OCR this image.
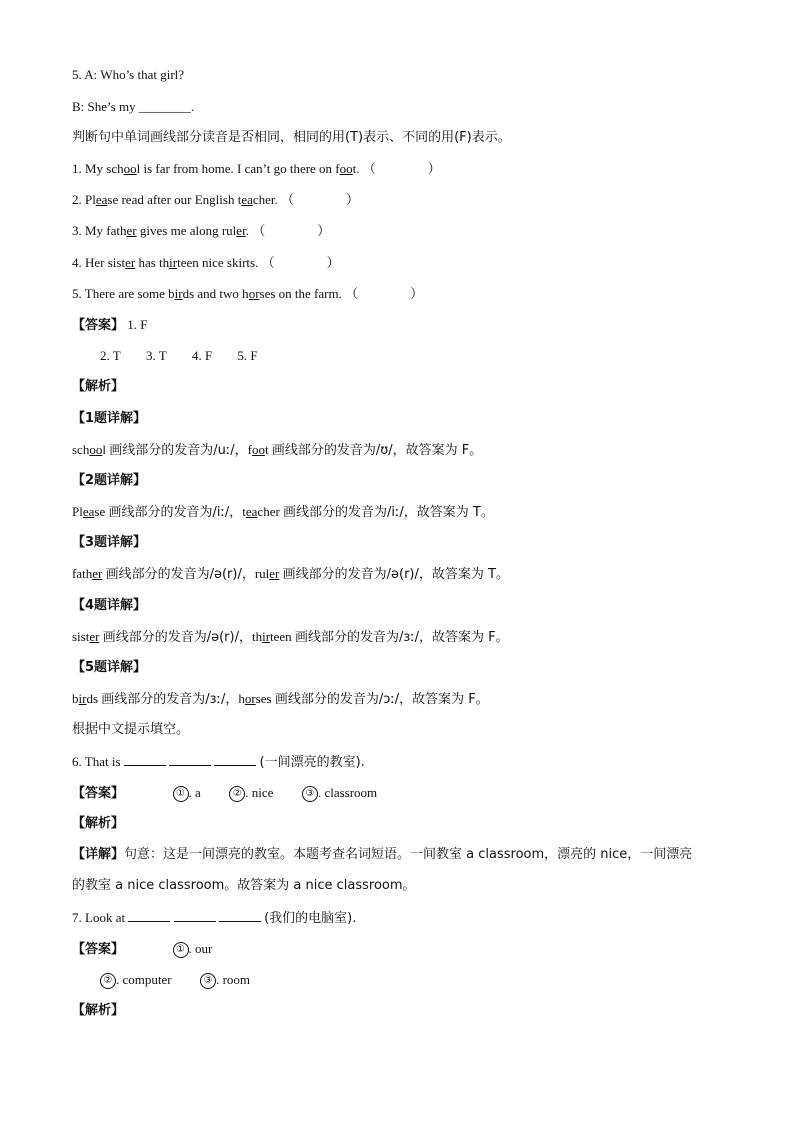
5. A: Who’s that girl?
B: She’s my ________.
判断句中单词画线部分读音是否相同，相同的用(T)表示、不同的用(F)表示。
1. My school is far from home. I can’t go there on foot. （　　　　）
2. Please read after our English teacher. （　　　　）
3. My father gives me along ruler. （　　　　）
4. Her sister has thirteen nice skirts. （　　　　）
5. There are some birds and two horses on the farm. （　　　　）
【答案】 1. F
2. T 3. T 4. F 5. F
【解析】
【1题详解】
school 画线部分的发音为/uː/，foot 画线部分的发音为/ʊ/，故答案为 F。
【2题详解】
Please 画线部分的发音为/iː/，teacher 画线部分的发音为/iː/，故答案为 T。
【3题详解】
father 画线部分的发音为/ə(r)/，ruler 画线部分的发音为/ə(r)/，故答案为 T。
【4题详解】
sister 画线部分的发音为/ə(r)/，thirteen 画线部分的发音为/ɜː/，故答案为 F。
【5题详解】
birds 画线部分的发音为/ɜː/，horses 画线部分的发音为/ɔː/，故答案为 F。
根据中文提示填空。
6. That is	(一间漂亮的教室).
【答案】	① . a	② . nice	③ . classroom
【解析】
【详解】句意：这是一间漂亮的教室。本题考查名词短语。一间教室 a classroom，漂亮的 nice，一间漂亮
的教室 a nice classroom。故答案为 a nice classroom。
7. Look at	(我们的电脑室).
【答案】	① . our
② . computer	③ . room
【解析】
